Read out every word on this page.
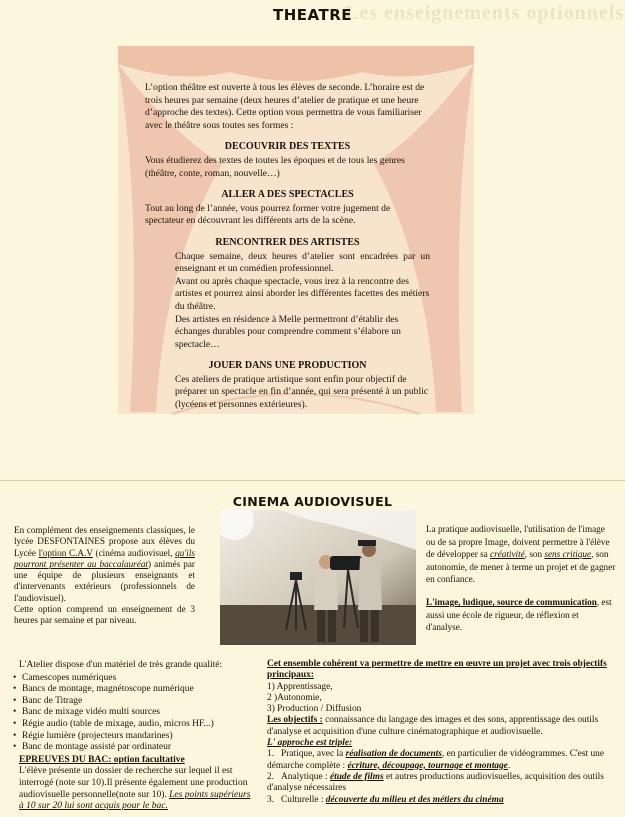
Les enseignements optionnels
THEATRE

L’option théâtre est ouverte à tous les élèves de seconde. L’horaire est de trois heures par semaine (deux heures d’atelier de pratique et une heure d’approche des textes). Cette option vous permettra de vous familiariser avec le théâtre sous toutes ses formes :

DECOUVRIR DES TEXTES

Vous étudierez des textes de toutes les époques et de tous les genres (théâtre, conte, roman, nouvelle…)

ALLER A DES SPECTACLES

Tout au long de l’année, vous pourrez former votre jugement de spectateur en découvrant les différents arts de la scène.

RENCONTRER DES ARTISTES

Chaque semaine, deux heures d’atelier sont encadrées par un enseignant et un comédien professionnel.

Avant ou après chaque spectacle, vous irez à la rencontre des artistes et pourrez ainsi aborder les différentes facettes des métiers du théâtre.

Des artistes en résidence à Melle permettront d’établir des échanges durables pour comprendre comment s’élabore un spectacle…

JOUER DANS UNE PRODUCTION

Ces ateliers de pratique artistique sont enfin pour objectif de préparer un spectacle en fin d’année, qui sera présenté à un public (lycéens et personnes extérieures).

CINEMA AUDIOVISUEL
En complément des enseignements classiques, le lycée DESFONTAINES propose aux élèves du Lycée l'option C.A.V (cinéma audiovisuel, qu'ils pourront présenter au baccalauréat) animés par une équipe de plusieurs enseignants et d'intervenants extérieurs (professionnels de l'audiovisuel).
Cette option comprend un enseignement de 3 heures par semaine et par niveau.
La pratique audiovisuelle, l'utilisation de l'image ou de sa propre Image, doivent permettre à l'élève de développer sa créativité, son sens critique, son autonomie, de mener à terme un projet et de gagner en confiance.
L'image, ludique, source de communication, est aussi une école de rigueur, de réflexion et d'analyse.
L'Atelier dispose d'un matériel de très grande qualité:
• Camescopes numériques
• Bancs de montage, magnétoscope numérique
• Banc de Titrage
• Banc de mixage vidéo multi sources
• Régie audio (table de mixage, audio, micros HF...)
• Régie lumière (projecteurs mandarines)
• Banc de montage assisté par ordinateur
EPREUVES DU BAC: option facultative
L'élève présente un dossier de recherche sur lequel il est interrogé (note sur 10).Il présente également une production audiovisuelle personnelle(note sur 10). Les points supérieurs à 10 sur 20 lui sont acquis pour le bac.

Cet ensemble cohérent va permettre de mettre en œuvre un projet avec trois objectifs principaux:

1) Apprentissage,

2 )Autonomie,

3) Production / Diffusion

Les objectifs : connaissance du langage des images et des sons, apprentissage des outils d'analyse et acquisition d'une culture cinématographique et audiovisuelle.

L' approche est triple:

1. Pratique, avec la réalisation de documents, en particulier de vidéogrammes. C'est une démarche complète : écriture, découpage, tournage et montage.

2. Analytique : étude de films et autres productions audiovisuelles, acquisition des outils d'analyse nécessaires

3. Culturelle : découverte du milieu et des métiers du cinéma
